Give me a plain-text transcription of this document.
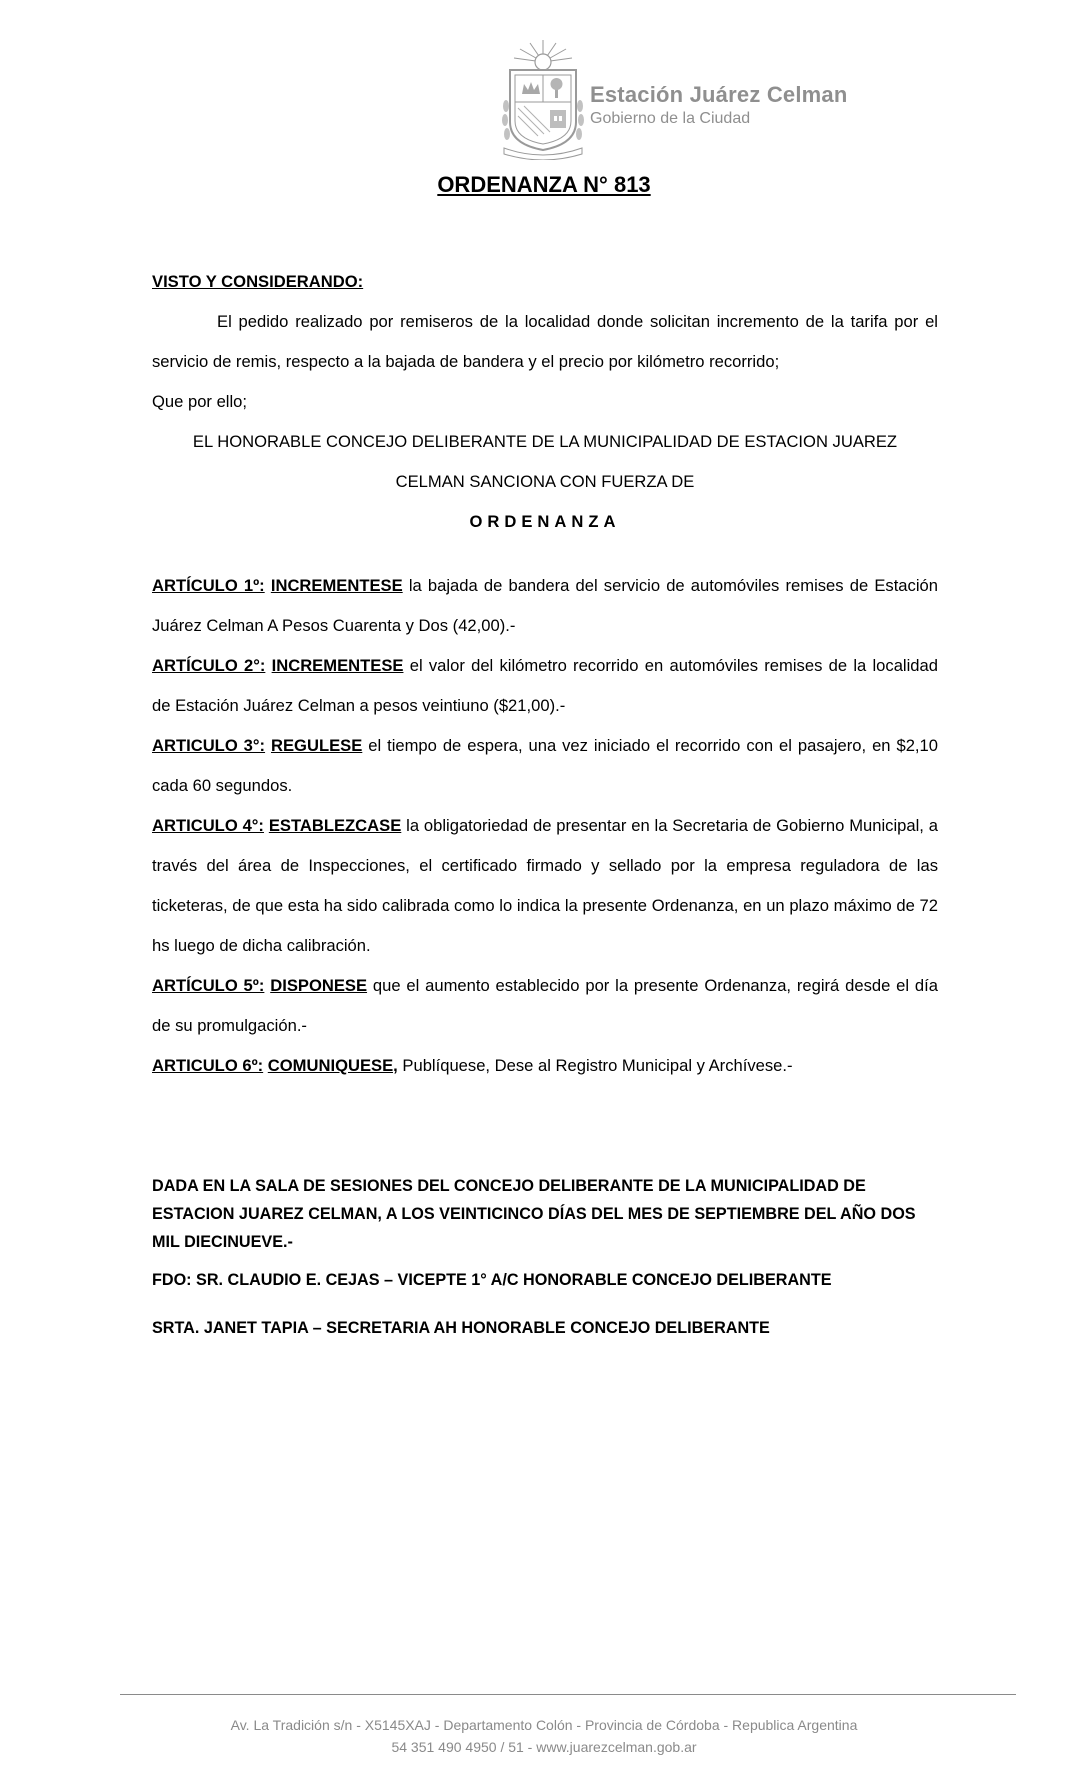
Estación Juárez Celman
Gobierno de la Ciudad
ORDENANZA N° 813

VISTO Y CONSIDERANDO:

El pedido realizado por remiseros de la localidad donde solicitan incremento de la tarifa por el servicio de remis, respecto a la bajada de bandera y el precio por kilómetro recorrido;

Que por ello;

EL HONORABLE CONCEJO DELIBERANTE DE LA MUNICIPALIDAD DE ESTACION JUAREZ CELMAN SANCIONA CON FUERZA DE

ORDENANZA

ARTÍCULO 1º: INCREMENTESE la bajada de bandera del servicio de automóviles remises de Estación Juárez Celman A Pesos Cuarenta y Dos (42,00).-

ARTÍCULO 2°: INCREMENTESE el valor del kilómetro recorrido en automóviles remises de la localidad de Estación Juárez Celman a pesos veintiuno ($21,00).-

ARTICULO 3°: REGULESE el tiempo de espera, una vez iniciado el recorrido con el pasajero, en $2,10 cada 60 segundos.

ARTICULO 4°: ESTABLEZCASE la obligatoriedad de presentar en la Secretaria de Gobierno Municipal, a través del área de Inspecciones, el certificado firmado y sellado por la empresa reguladora de las ticketeras, de que esta ha sido calibrada como lo indica la presente Ordenanza, en un plazo máximo de 72 hs luego de dicha calibración.

ARTÍCULO 5º: DISPONESE que el aumento establecido por la presente Ordenanza, regirá desde el día de su promulgación.-

ARTICULO 6º: COMUNIQUESE, Publíquese, Dese al Registro Municipal y Archívese.-

DADA EN LA SALA DE SESIONES DEL CONCEJO DELIBERANTE DE LA MUNICIPALIDAD DE ESTACION JUAREZ CELMAN, A LOS VEINTICINCO DÍAS DEL MES DE SEPTIEMBRE DEL AÑO DOS MIL DIECINUEVE.-

FDO: SR. CLAUDIO E. CEJAS – VICEPTE 1° A/C HONORABLE CONCEJO DELIBERANTE

SRTA. JANET TAPIA – SECRETARIA AH HONORABLE CONCEJO DELIBERANTE

Av. La Tradición s/n - X5145XAJ - Departamento Colón - Provincia de Córdoba - Republica Argentina
54 351 490 4950 / 51 - www.juarezcelman.gob.ar
